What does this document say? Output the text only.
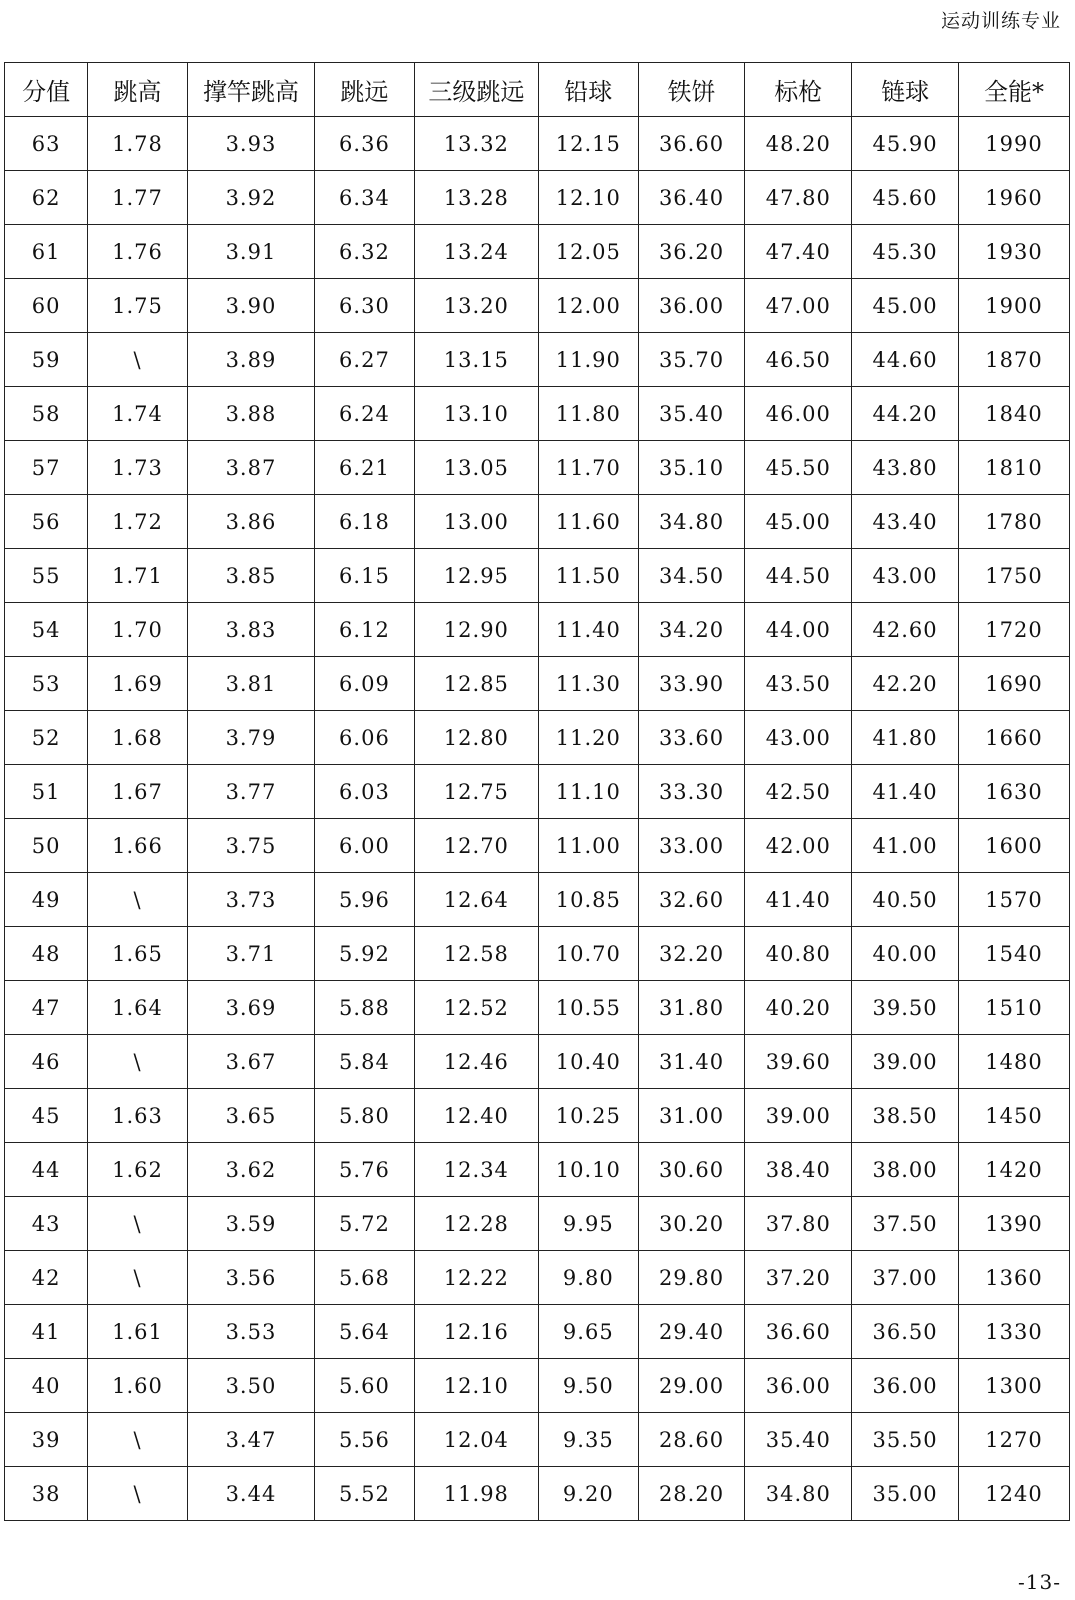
运动训练专业
分值	跳高	撑竿跳高	跳远	三级跳远	铅球	铁饼	标枪	链球	全能*
63	1.78	3.93	6.36	13.32	12.15	36.60	48.20	45.90	1990
62	1.77	3.92	6.34	13.28	12.10	36.40	47.80	45.60	1960
61	1.76	3.91	6.32	13.24	12.05	36.20	47.40	45.30	1930
60	1.75	3.90	6.30	13.20	12.00	36.00	47.00	45.00	1900
59	\	3.89	6.27	13.15	11.90	35.70	46.50	44.60	1870
58	1.74	3.88	6.24	13.10	11.80	35.40	46.00	44.20	1840
57	1.73	3.87	6.21	13.05	11.70	35.10	45.50	43.80	1810
56	1.72	3.86	6.18	13.00	11.60	34.80	45.00	43.40	1780
55	1.71	3.85	6.15	12.95	11.50	34.50	44.50	43.00	1750
54	1.70	3.83	6.12	12.90	11.40	34.20	44.00	42.60	1720
53	1.69	3.81	6.09	12.85	11.30	33.90	43.50	42.20	1690
52	1.68	3.79	6.06	12.80	11.20	33.60	43.00	41.80	1660
51	1.67	3.77	6.03	12.75	11.10	33.30	42.50	41.40	1630
50	1.66	3.75	6.00	12.70	11.00	33.00	42.00	41.00	1600
49	\	3.73	5.96	12.64	10.85	32.60	41.40	40.50	1570
48	1.65	3.71	5.92	12.58	10.70	32.20	40.80	40.00	1540
47	1.64	3.69	5.88	12.52	10.55	31.80	40.20	39.50	1510
46	\	3.67	5.84	12.46	10.40	31.40	39.60	39.00	1480
45	1.63	3.65	5.80	12.40	10.25	31.00	39.00	38.50	1450
44	1.62	3.62	5.76	12.34	10.10	30.60	38.40	38.00	1420
43	\	3.59	5.72	12.28	9.95	30.20	37.80	37.50	1390
42	\	3.56	5.68	12.22	9.80	29.80	37.20	37.00	1360
41	1.61	3.53	5.64	12.16	9.65	29.40	36.60	36.50	1330
40	1.60	3.50	5.60	12.10	9.50	29.00	36.00	36.00	1300
39	\	3.47	5.56	12.04	9.35	28.60	35.40	35.50	1270
38	\	3.44	5.52	11.98	9.20	28.20	34.80	35.00	1240
-13-
